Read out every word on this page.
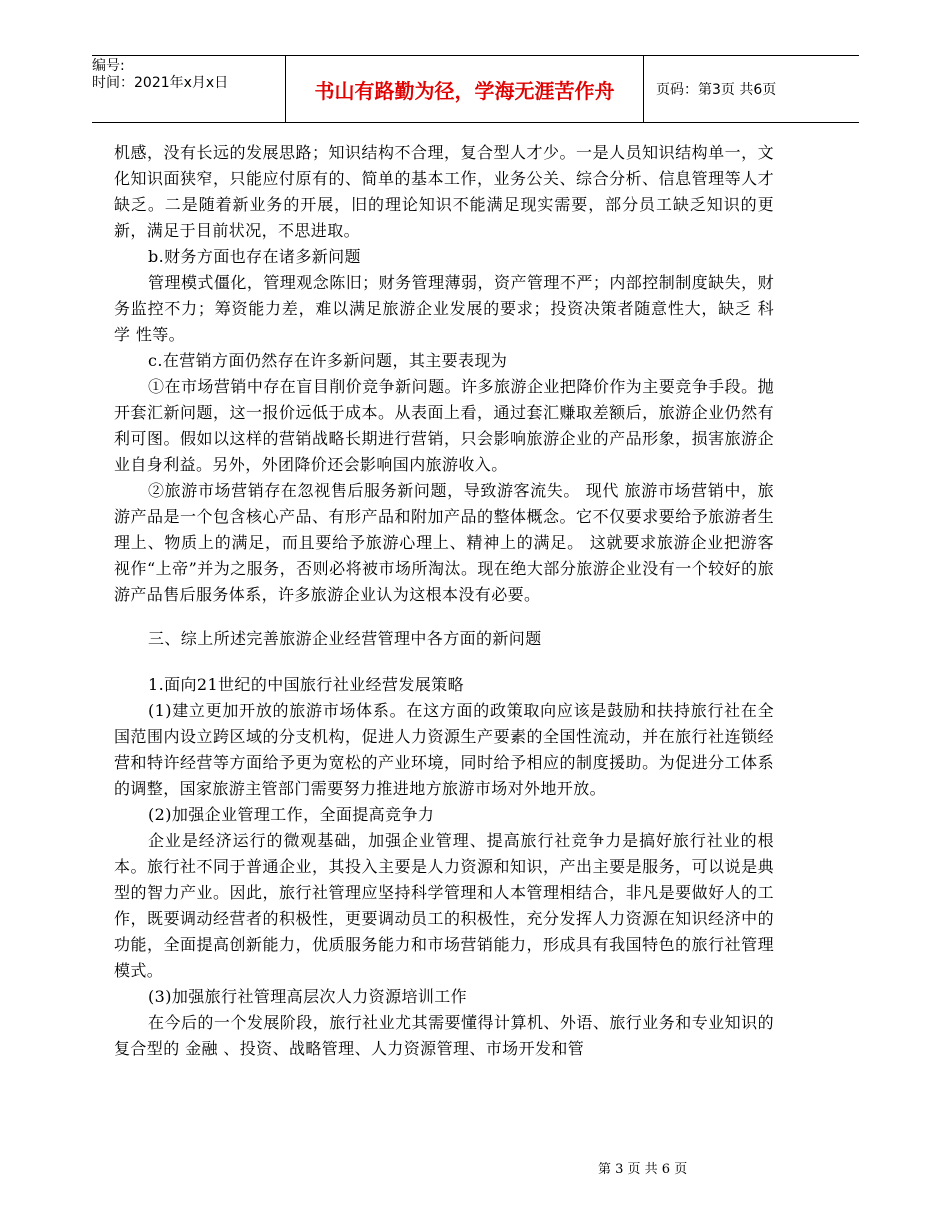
编号:
时间：2021年x月x日	书山有路勤为径，学海无涯苦作舟	页码：第3页 共6页

机感，没有长远的发展思路；知识结构不合理，复合型人才少。一是人员知识结构单一，文化知识面狭窄，只能应付原有的、简单的基本工作，业务公关、综合分析、信息管理等人才缺乏。二是随着新业务的开展，旧的理论知识不能满足现实需要，部分员工缺乏知识的更新，满足于目前状况，不思进取。

b.财务方面也存在诸多新问题

管理模式僵化，管理观念陈旧；财务管理薄弱，资产管理不严；内部控制制度缺失，财务监控不力；筹资能力差，难以满足旅游企业发展的要求；投资决策者随意性大，缺乏 科学 性等。

c.在营销方面仍然存在许多新问题，其主要表现为

①在市场营销中存在盲目削价竞争新问题。许多旅游企业把降价作为主要竞争手段。抛开套汇新问题，这一报价远低于成本。从表面上看，通过套汇赚取差额后，旅游企业仍然有利可图。假如以这样的营销战略长期进行营销，只会影响旅游企业的产品形象，损害旅游企业自身利益。另外，外团降价还会影响国内旅游收入。

②旅游市场营销存在忽视售后服务新问题，导致游客流失。 现代 旅游市场营销中，旅游产品是一个包含核心产品、有形产品和附加产品的整体概念。它不仅要求要给予旅游者生理上、物质上的满足，而且要给予旅游心理上、精神上的满足。 这就要求旅游企业把游客视作“上帝”并为之服务，否则必将被市场所淘汰。现在绝大部分旅游企业没有一个较好的旅游产品售后服务体系，许多旅游企业认为这根本没有必要。

三、综上所述完善旅游企业经营管理中各方面的新问题

1.面向21世纪的中国旅行社业经营发展策略

(1)建立更加开放的旅游市场体系。在这方面的政策取向应该是鼓励和扶持旅行社在全国范围内设立跨区域的分支机构，促进人力资源生产要素的全国性流动，并在旅行社连锁经营和特许经营等方面给予更为宽松的产业环境，同时给予相应的制度援助。为促进分工体系的调整，国家旅游主管部门需要努力推进地方旅游市场对外地开放。

(2)加强企业管理工作，全面提高竞争力

企业是经济运行的微观基础，加强企业管理、提高旅行社竞争力是搞好旅行社业的根本。旅行社不同于普通企业，其投入主要是人力资源和知识，产出主要是服务，可以说是典型的智力产业。因此，旅行社管理应坚持科学管理和人本管理相结合，非凡是要做好人的工作，既要调动经营者的积极性，更要调动员工的积极性，充分发挥人力资源在知识经济中的功能，全面提高创新能力，优质服务能力和市场营销能力，形成具有我国特色的旅行社管理模式。

(3)加强旅行社管理高层次人力资源培训工作

在今后的一个发展阶段，旅行社业尤其需要懂得计算机、外语、旅行业务和专业知识的复合型的 金融 、投资、战略管理、人力资源管理、市场开发和管

第 3 页 共 6 页
